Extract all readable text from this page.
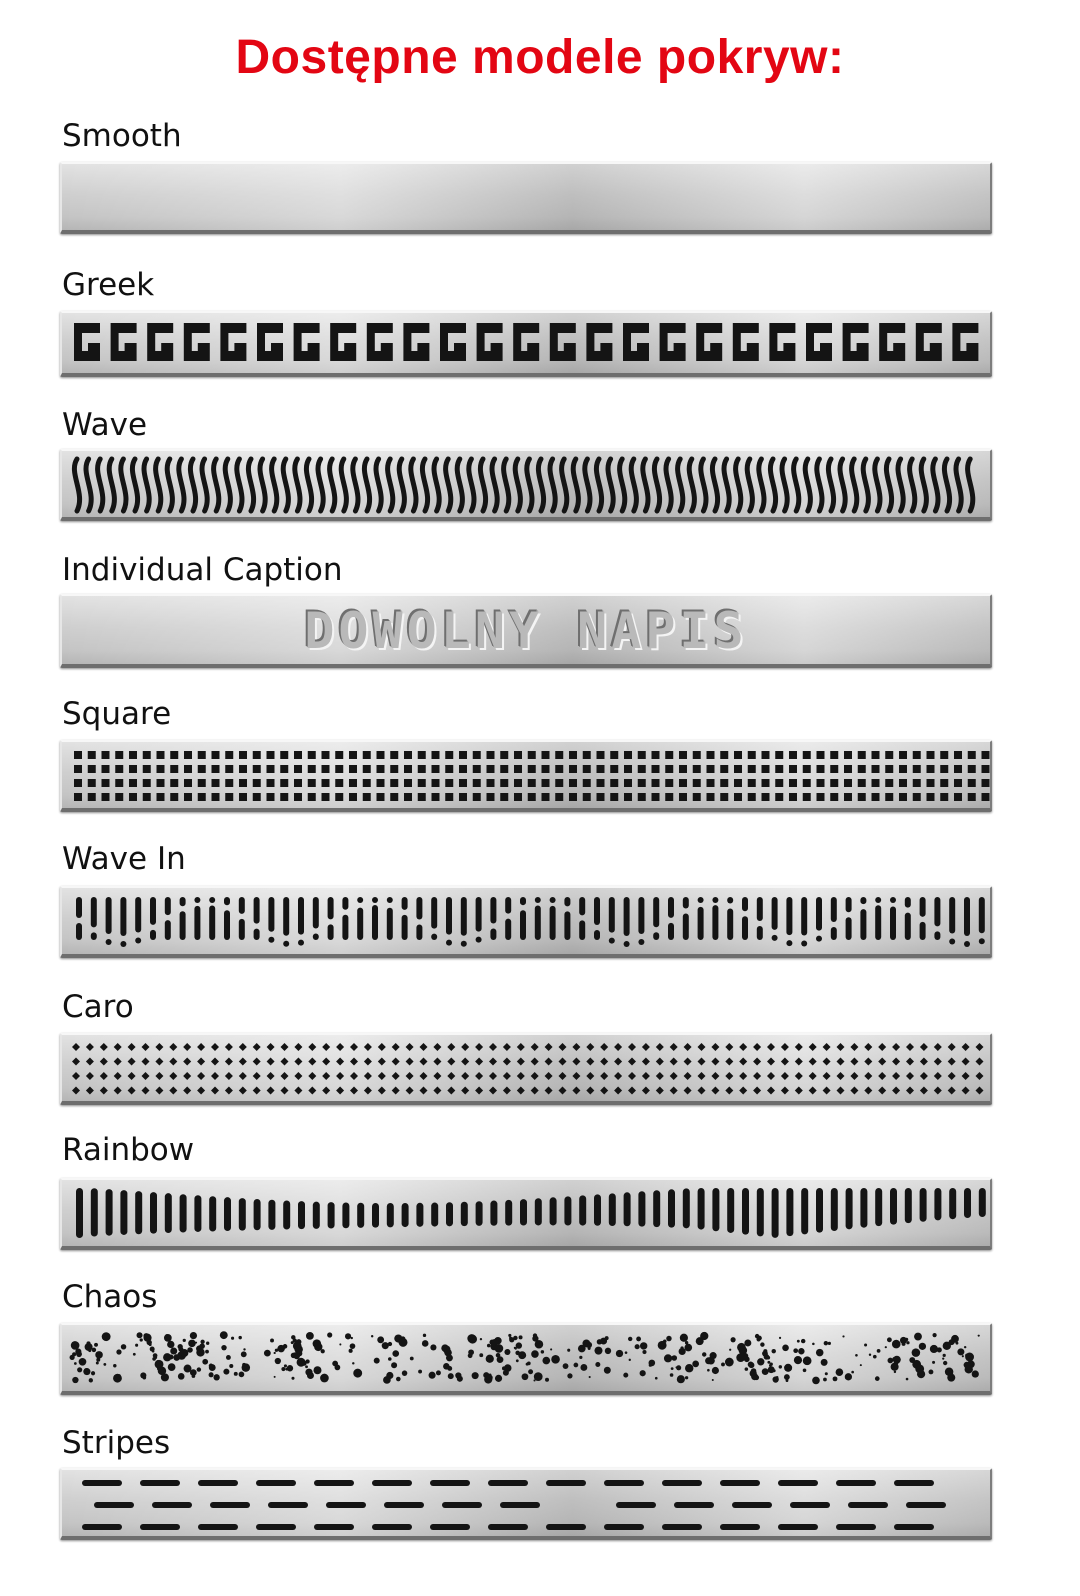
Dostępne modele pokryw:
Smooth
Greek
Wave
Individual Caption
DOWOLNY NAPIS
Square
Wave In
Caro
Rainbow
Chaos
Stripes
